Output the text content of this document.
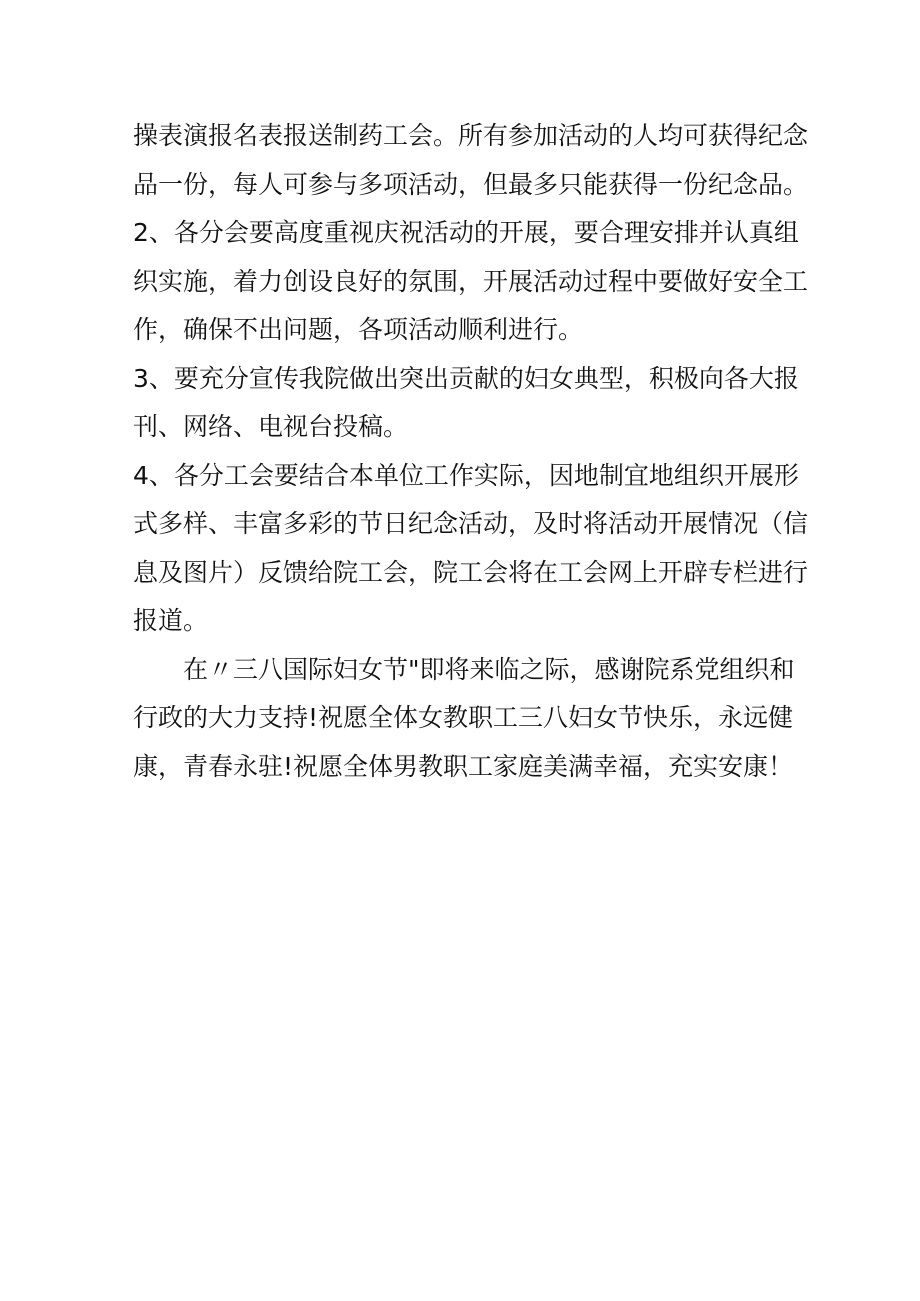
操表演报名表报送制药工会。所有参加活动的人均可获得纪念
品一份，每人可参与多项活动，但最多只能获得一份纪念品。
2、各分会要高度重视庆祝活动的开展，要合理安排并认真组
织实施，着力创设良好的氛围，开展活动过程中要做好安全工
作，确保不出问题，各项活动顺利进行。
3、要充分宣传我院做出突出贡献的妇女典型，积极向各大报
刊、网络、电视台投稿。
4、各分工会要结合本单位工作实际，因地制宜地组织开展形
式多样、丰富多彩的节日纪念活动，及时将活动开展情况（信
息及图片）反馈给院工会，院工会将在工会网上开辟专栏进行
报道。
在〃三八国际妇女节"即将来临之际，感谢院系党组织和
行政的大力支持!祝愿全体女教职工三八妇女节快乐，永远健
康，青春永驻!祝愿全体男教职工家庭美满幸福，充实安康！
